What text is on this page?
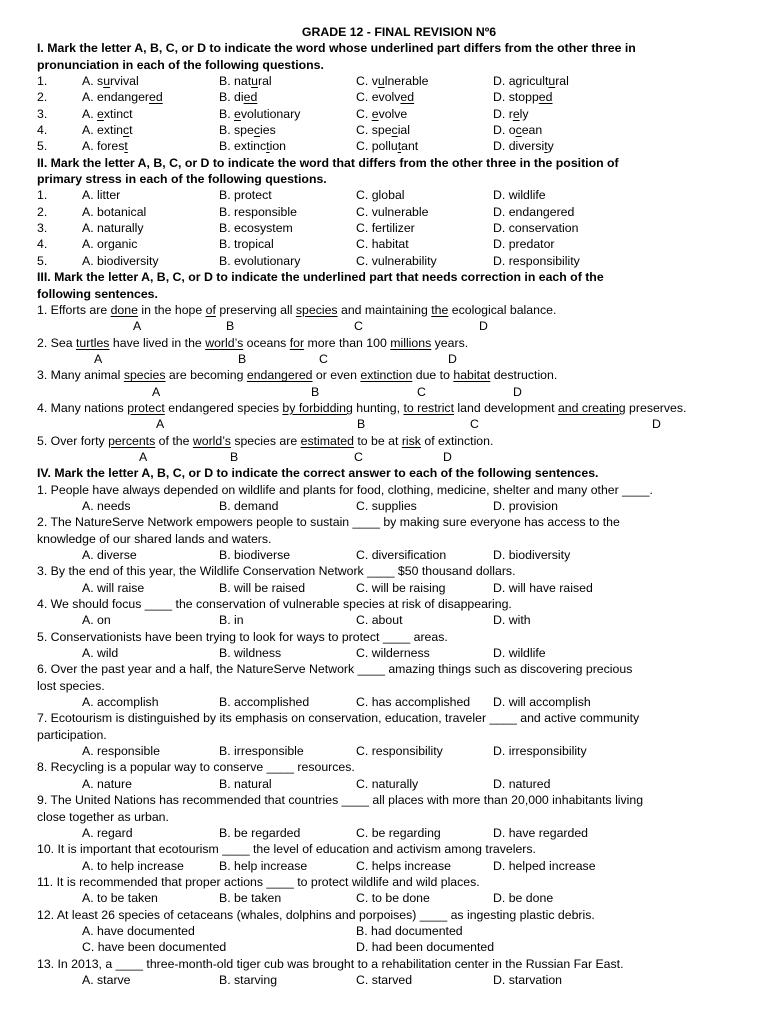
GRADE 12 - FINAL REVISION Nº6
I. Mark the letter A, B, C, or D to indicate the word whose underlined part differs from the other three in
pronunciation in each of the following questions.
1.	A. survival	B. natural	C. vulnerable	D. agricultural
2.	A. endangered	B. died	C. evolved	D. stopped
3.	A. extinct	B. evolutionary	C. evolve	D. rely
4.	A. extinct	B. species	C. special	D. ocean
5.	A. forest	B. extinction	C. pollutant	D. diversity
II. Mark the letter A, B, C, or D to indicate the word that differs from the other three in the position of
primary stress in each of the following questions.
1.	A. litter	B. protect	C. global	D. wildlife
2.	A. botanical	B. responsible	C. vulnerable	D. endangered
3.	A. naturally	B. ecosystem	C. fertilizer	D. conservation
4.	A. organic	B. tropical	C. habitat	D. predator
5.	A. biodiversity	B. evolutionary	C. vulnerability	D. responsibility
III. Mark the letter A, B, C, or D to indicate the underlined part that needs correction in each of the
following sentences.
1. Efforts are done in the hope of preserving all species and maintaining the ecological balance.
A	B	C	D
2. Sea turtles have lived in the world’s oceans for more than 100 millions years.
A	B	C	D
3. Many animal species are becoming endangered or even extinction due to habitat destruction.
A	B	C	D
4. Many nations protect endangered species by forbidding hunting, to restrict land development and creating preserves.
A	B	C	D
5. Over forty percents of the world’s species are estimated to be at risk of extinction.
A	B	C	D
IV. Mark the letter A, B, C, or D to indicate the correct answer to each of the following sentences.
1. People have always depended on wildlife and plants for food, clothing, medicine, shelter and many other ____.
A. needs	B. demand	C. supplies	D. provision
2. The NatureServe Network empowers people to sustain ____ by making sure everyone has access to the
knowledge of our shared lands and waters.
A. diverse	B. biodiverse	C. diversification	D. biodiversity
3. By the end of this year, the Wildlife Conservation Network ____ $50 thousand dollars.
A. will raise	B. will be raised	C. will be raising	D. will have raised
4. We should focus ____ the conservation of vulnerable species at risk of disappearing.
A. on	B. in	C. about	D. with
5. Conservationists have been trying to look for ways to protect ____ areas.
A. wild	B. wildness	C. wilderness	D. wildlife
6. Over the past year and a half, the NatureServe Network ____ amazing things such as discovering precious
lost species.
A. accomplish	B. accomplished	C. has accomplished D. will accomplish
7. Ecotourism is distinguished by its emphasis on conservation, education, traveler ____ and active community
participation.
A. responsible	B. irresponsible	C. responsibility	D. irresponsibility
8. Recycling is a popular way to conserve ____ resources.
A. nature	B. natural	C. naturally	D. natured
9. The United Nations has recommended that countries ____ all places with more than 20,000 inhabitants living
close together as urban.
A. regard	B. be regarded	C. be regarding	D. have regarded
10. It is important that ecotourism ____ the level of education and activism among travelers.
A. to help increase	B. help increase	C. helps increase	D. helped increase
11. It is recommended that proper actions ____ to protect wildlife and wild places.
A. to be taken	B. be taken	C. to be done	D. be done
12. At least 26 species of cetaceans (whales, dolphins and porpoises) ____ as ingesting plastic debris.
A. have documented	B. had documented
C. have been documented	D. had been documented
13. In 2013, a ____ three-month-old tiger cub was brought to a rehabilitation center in the Russian Far East.
A. starve	B. starving	C. starved	D. starvation
